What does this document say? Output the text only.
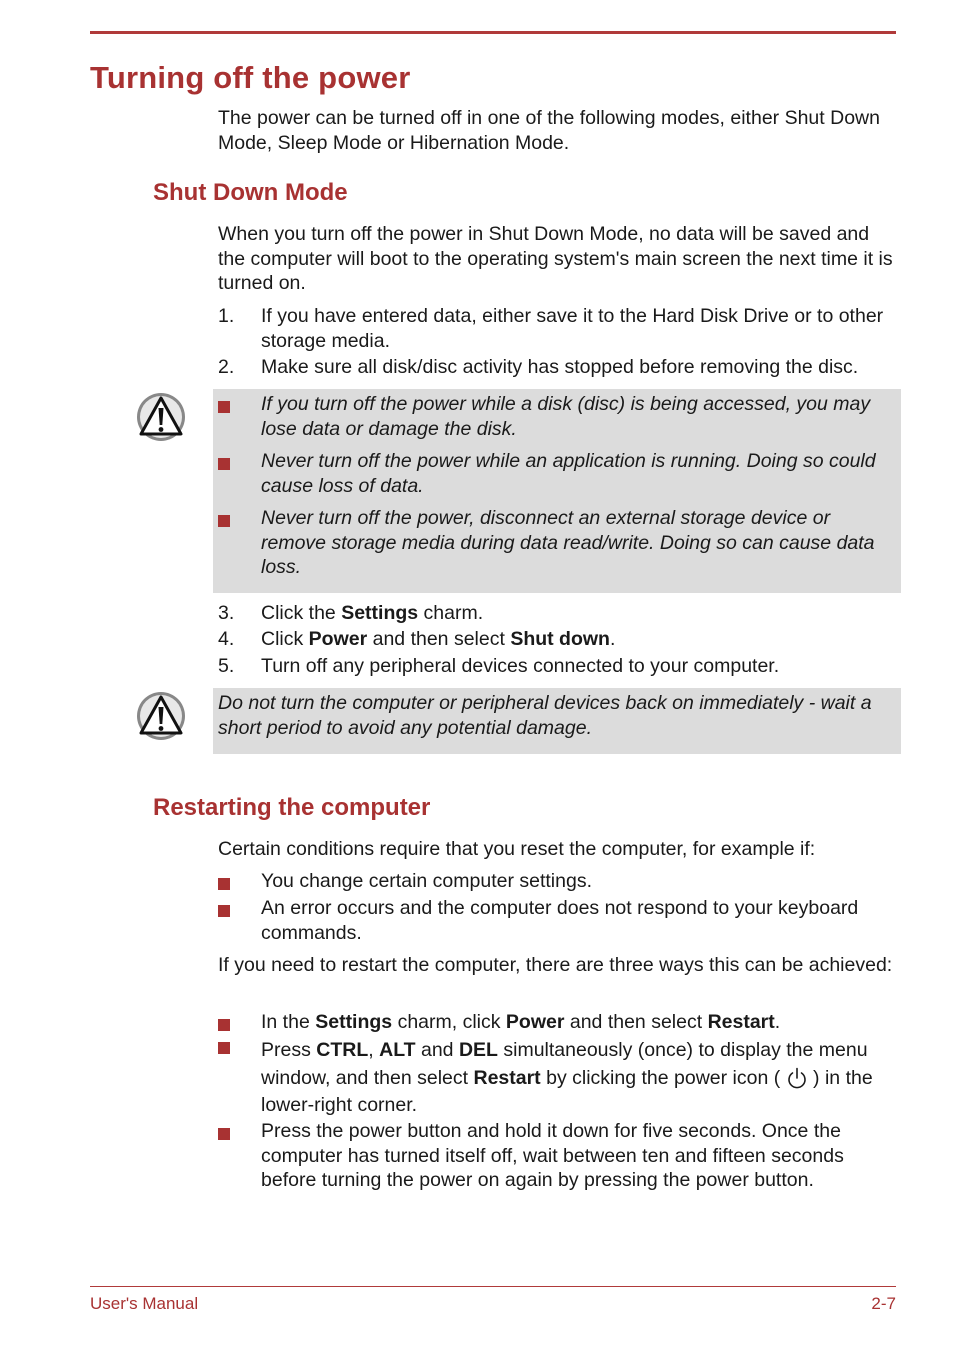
Turning off the power

The power can be turned off in one of the following modes, either Shut Down Mode, Sleep Mode or Hibernation Mode.

Shut Down Mode

When you turn off the power in Shut Down Mode, no data will be saved and the computer will boot to the operating system's main screen the next time it is turned on.

1. If you have entered data, either save it to the Hard Disk Drive or to other storage media.
2. Make sure all disk/disc activity has stopped before removing the disc.
If you turn off the power while a disk (disc) is being accessed, you may lose data or damage the disk.
Never turn off the power while an application is running. Doing so could cause loss of data.
Never turn off the power, disconnect an external storage device or remove storage media during data read/write. Doing so can cause data loss.
3. Click the Settings charm.
4. Click Power and then select Shut down.
5. Turn off any peripheral devices connected to your computer.

Do not turn the computer or peripheral devices back on immediately - wait a short period to avoid any potential damage.

Restarting the computer

Certain conditions require that you reset the computer, for example if:

You change certain computer settings.
An error occurs and the computer does not respond to your keyboard commands.

If you need to restart the computer, there are three ways this can be achieved:

In the Settings charm, click Power and then select Restart.
Press CTRL, ALT and DEL simultaneously (once) to display the menu window, and then select Restart by clicking the power icon (  ) in the lower-right corner.
Press the power button and hold it down for five seconds. Once the computer has turned itself off, wait between ten and fifteen seconds before turning the power on again by pressing the power button.
User's Manual	2-7
